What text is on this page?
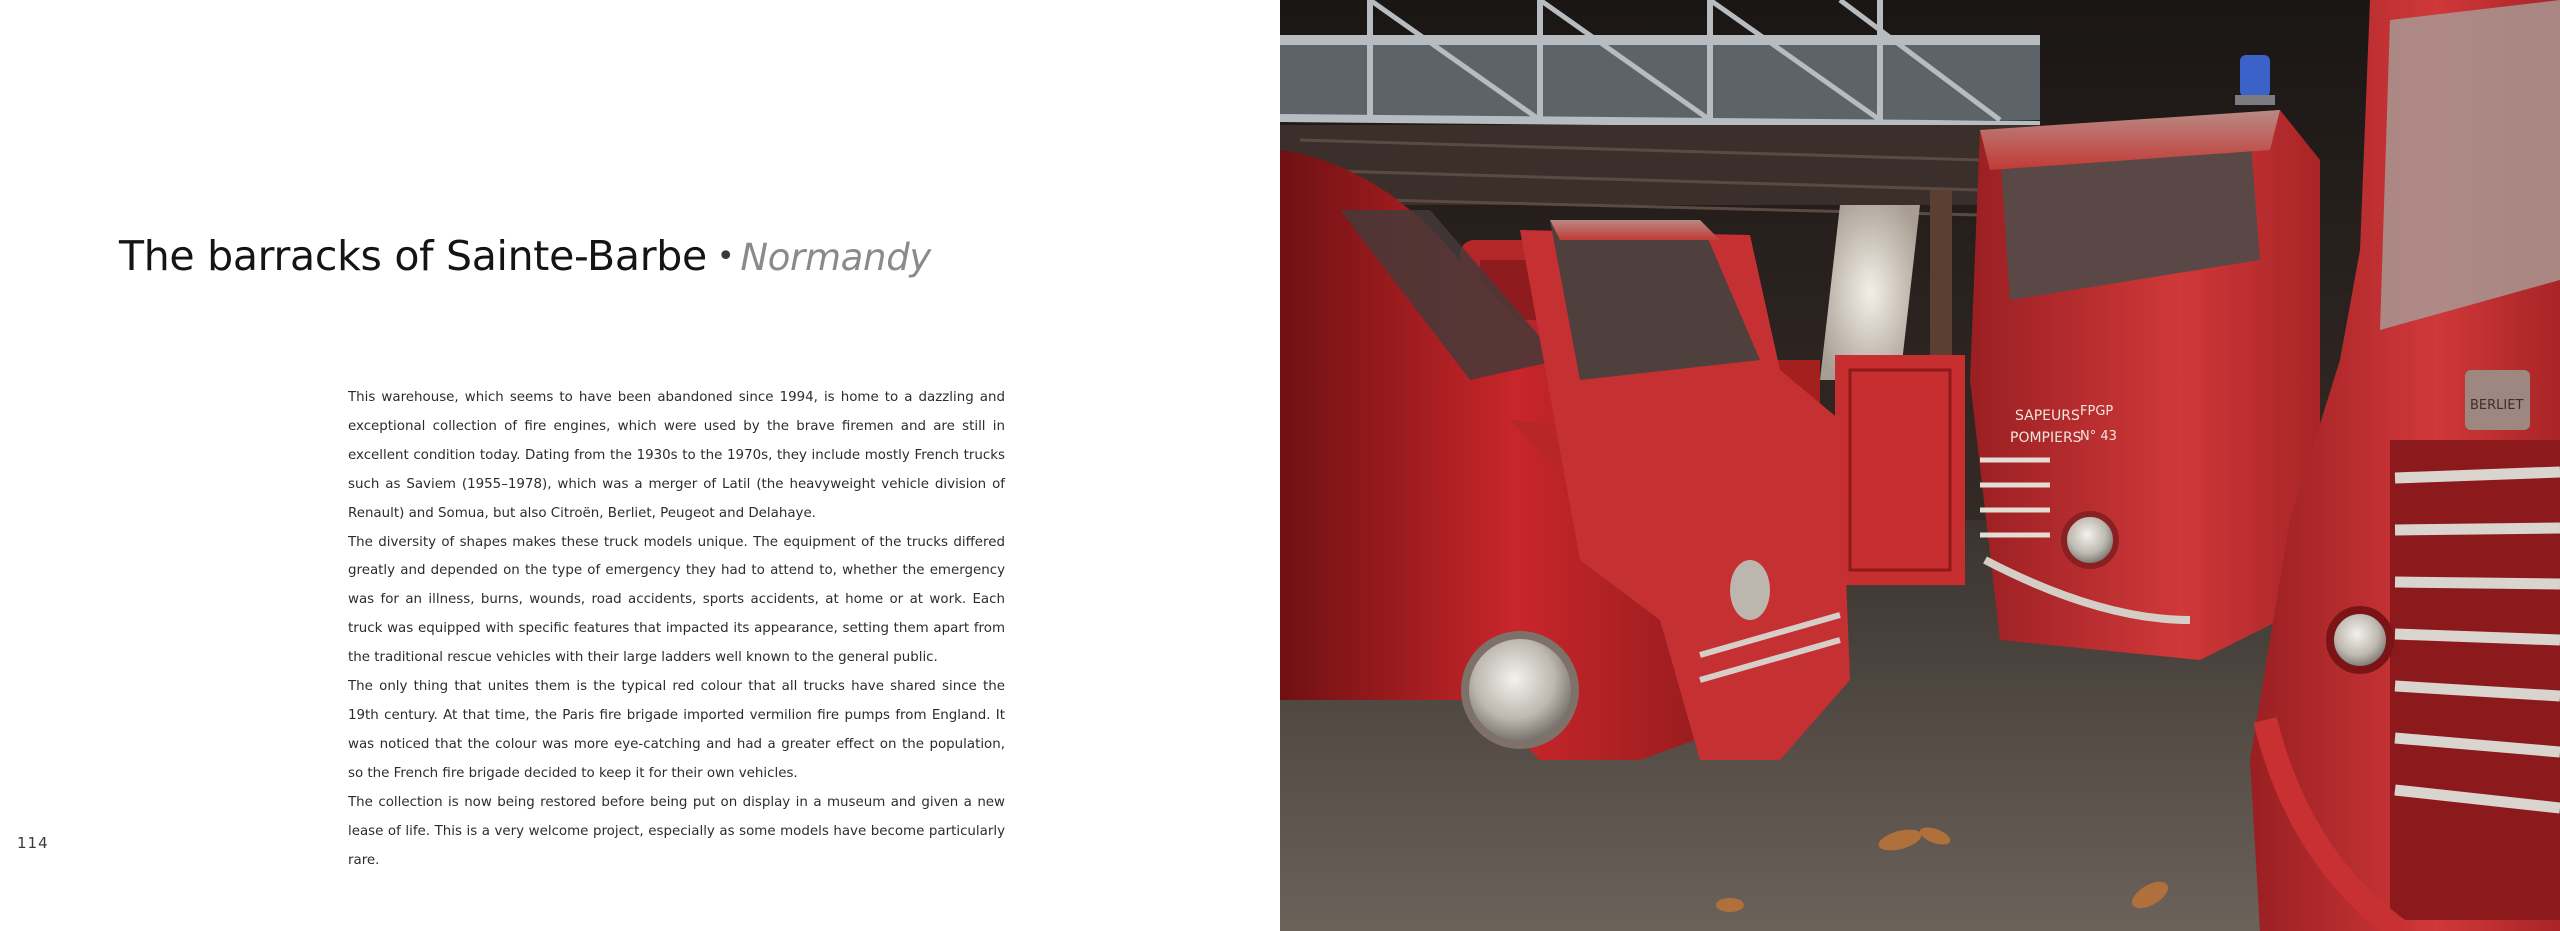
The barracks of Sainte-Barbe • Normandy

This warehouse, which seems to have been abandoned since 1994, is home to a dazzling and exceptional collection of fire engines, which were used by the brave firemen and are still in excellent condition today. Dating from the 1930s to the 1970s, they include mostly French trucks such as Saviem (1955–1978), which was a merger of Latil (the heavyweight vehicle division of Renault) and Somua, but also Citroën, Berliet, Peugeot and Delahaye.

The diversity of shapes makes these truck models unique. The equipment of the trucks differed greatly and depended on the type of emergency they had to attend to, whether the emergency was for an illness, burns, wounds, road accidents, sports accidents, at home or at work. Each truck was equipped with specific features that impacted its appearance, setting them apart from the traditional rescue vehicles with their large ladders well known to the general public.

The only thing that unites them is the typical red colour that all trucks have shared since the 19th century. At that time, the Paris fire brigade imported vermilion fire pumps from England. It was noticed that the colour was more eye-catching and had a greater effect on the population, so the French fire brigade decided to keep it for their own vehicles.

The collection is now being restored before being put on display in a museum and given a new lease of life. This is a very welcome project, especially as some models have become particularly rare.

114
SAPEURS
POMPIERS
FPGP
N° 43
BERLIET
